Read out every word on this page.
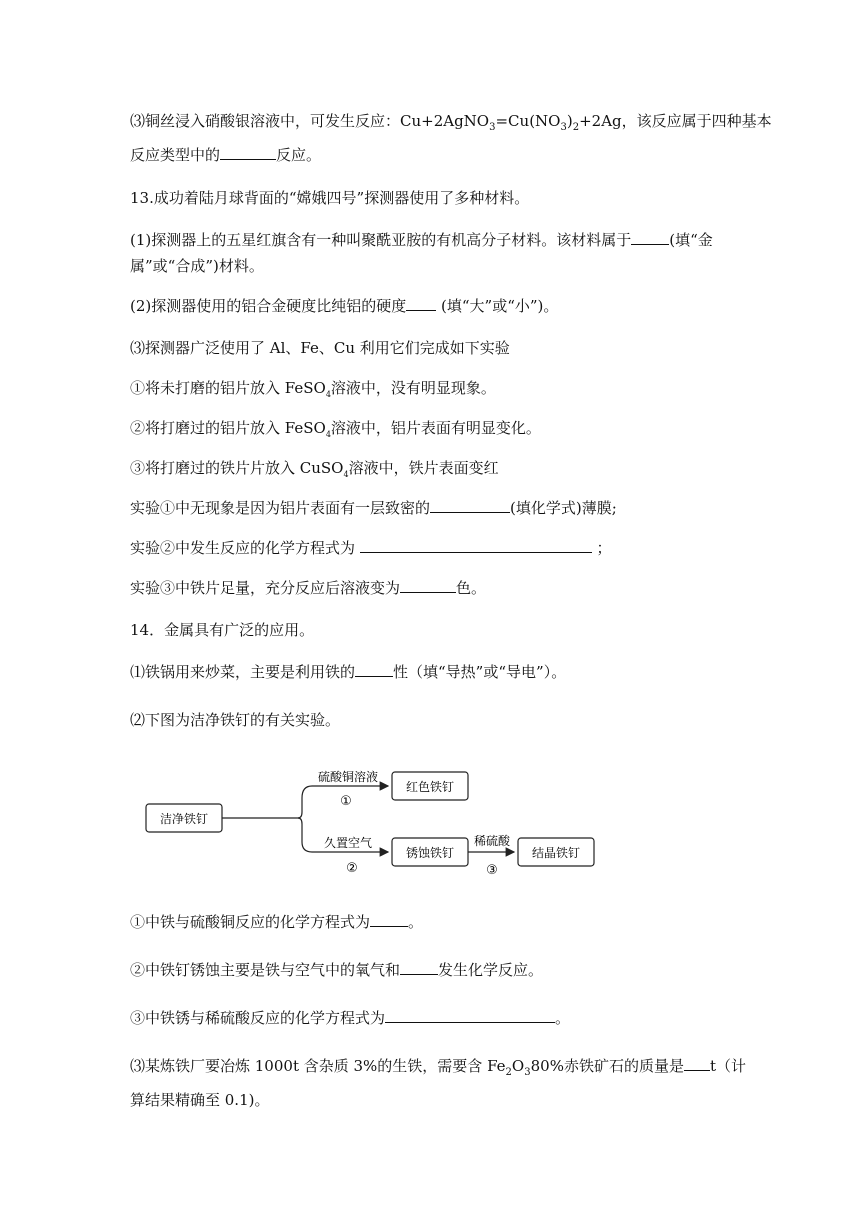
⑶铜丝浸入硝酸银溶液中，可发生反应：$Cu+2AgNO_3=Cu(NO_3)_2+2Ag$，该反应属于四种基本
反应类型中的	反应。
13.成功着陆月球背面的“嫦娥四号”探测器使用了多种材料。
(1)探测器上的五星红旗含有一种叫聚酰亚胺的有机高分子材料。该材料属于	(填“金
属”或“合成”)材料。
(2)探测器使用的铝合金硬度比纯铝的硬度 (填“大”或“小”)。
⑶探测器广泛使用了 Al、Fe、Cu 利用它们完成如下实验
①将未打磨的铝片放入 FeSO$_4$溶液中，没有明显现象。
②将打磨过的铝片放入 FeSO$_4$溶液中，铝片表面有明显变化。
③将打磨过的铁片片放入 CuSO$_4$溶液中，铁片表面变红
实验①中无现象是因为铝片表面有一层致密的	(填化学式)薄膜;
实验②中发生反应的化学方程式为	；
实验③中铁片足量，充分反应后溶液变为	色。
14．金属具有广泛的应用。
⑴铁锅用来炒菜，主要是利用铁的	性（填“导热”或“导电”）。
⑵下图为洁净铁钉的有关实验。
洁净铁钉
硫酸铜溶液
①
红色铁钉
久置空气
②
锈蚀铁钉
稀硫酸
③
结晶铁钉
①中铁与硫酸铜反应的化学方程式为	。
②中铁钉锈蚀主要是铁与空气中的氧气和	发生化学反应。
③中铁锈与稀硫酸反应的化学方程式为	。
⑶某炼铁厂要冶炼 1000t 含杂质 3%的生铁，需要含 $Fe_2O_380\%$赤铁矿石的质量是 t（计
算结果精确至 0.1)。
